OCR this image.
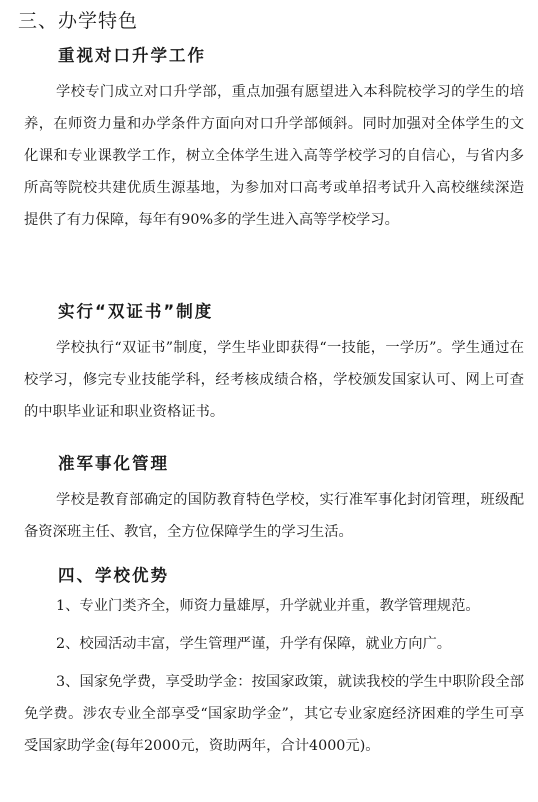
三、办学特色
重视对口升学工作

学校专门成立对口升学部，重点加强有愿望进入本科院校学习的学生的培养，在师资力量和办学条件方面向对口升学部倾斜。同时加强对全体学生的文化课和专业课教学工作，树立全体学生进入高等学校学习的自信心，与省内多所高等院校共建优质生源基地，为参加对口高考或单招考试升入高校继续深造提供了有力保障，每年有90%多的学生进入高等学校学习。

实行“双证书”制度

学校执行“双证书”制度，学生毕业即获得“一技能，一学历”。学生通过在校学习，修完专业技能学科，经考核成绩合格，学校颁发国家认可、网上可查的中职毕业证和职业资格证书。

准军事化管理

学校是教育部确定的国防教育特色学校，实行准军事化封闭管理，班级配备资深班主任、教官，全方位保障学生的学习生活。

四、学校优势

1、专业门类齐全，师资力量雄厚，升学就业并重，教学管理规范。

2、校园活动丰富，学生管理严谨，升学有保障，就业方向广。

3、国家免学费，享受助学金：按国家政策，就读我校的学生中职阶段全部免学费。涉农专业全部享受“国家助学金”，其它专业家庭经济困难的学生可享受国家助学金(每年2000元，资助两年，合计4000元)。
